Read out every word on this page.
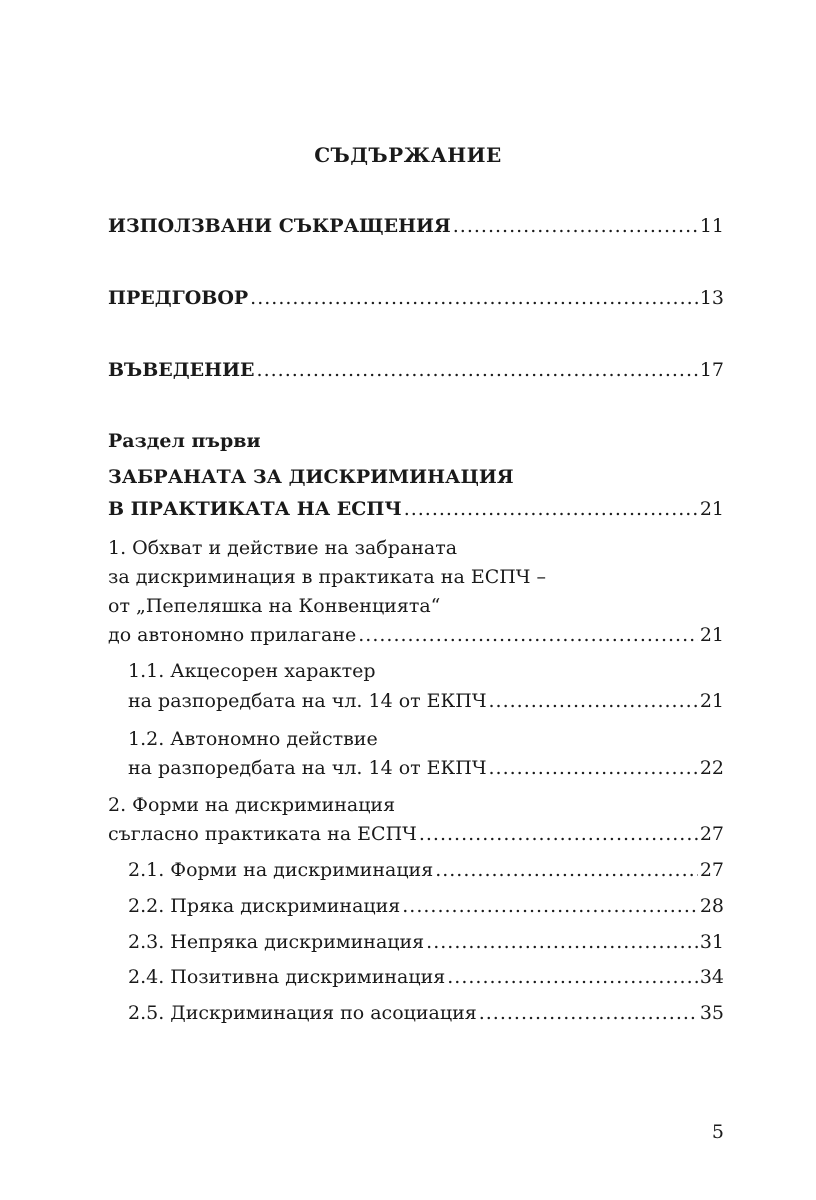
СЪДЪРЖАНИЕ
ИЗПОЛЗВАНИ СЪКРАЩЕНИЯ .....	11
ПРЕДГОВОР .....	13
ВЪВЕДЕНИЕ .....	17
Раздел първи
ЗАБРАНАТА ЗА ДИСКРИМИНАЦИЯ
В ПРАКТИКАТА НА ЕСПЧ .....	21
1. Обхват и действие на забраната
за дискриминация в практиката на ЕСПЧ –
от „Пепеляшка на Конвенцията“
до автономно прилагане .....	21
1.1. Акцесорен характер
на разпоредбата на чл. 14 от ЕКПЧ .....	21
1.2. Автономно действие
на разпоредбата на чл. 14 от ЕКПЧ .....	22
2. Форми на дискриминация
съгласно практиката на ЕСПЧ .....	27
2.1. Форми на дискриминация .....	27
2.2. Пряка дискриминация .....	28
2.3. Непряка дискриминация .....	31
2.4. Позитивна дискриминация .....	34
2.5. Дискриминация по асоциация .....	35
5
